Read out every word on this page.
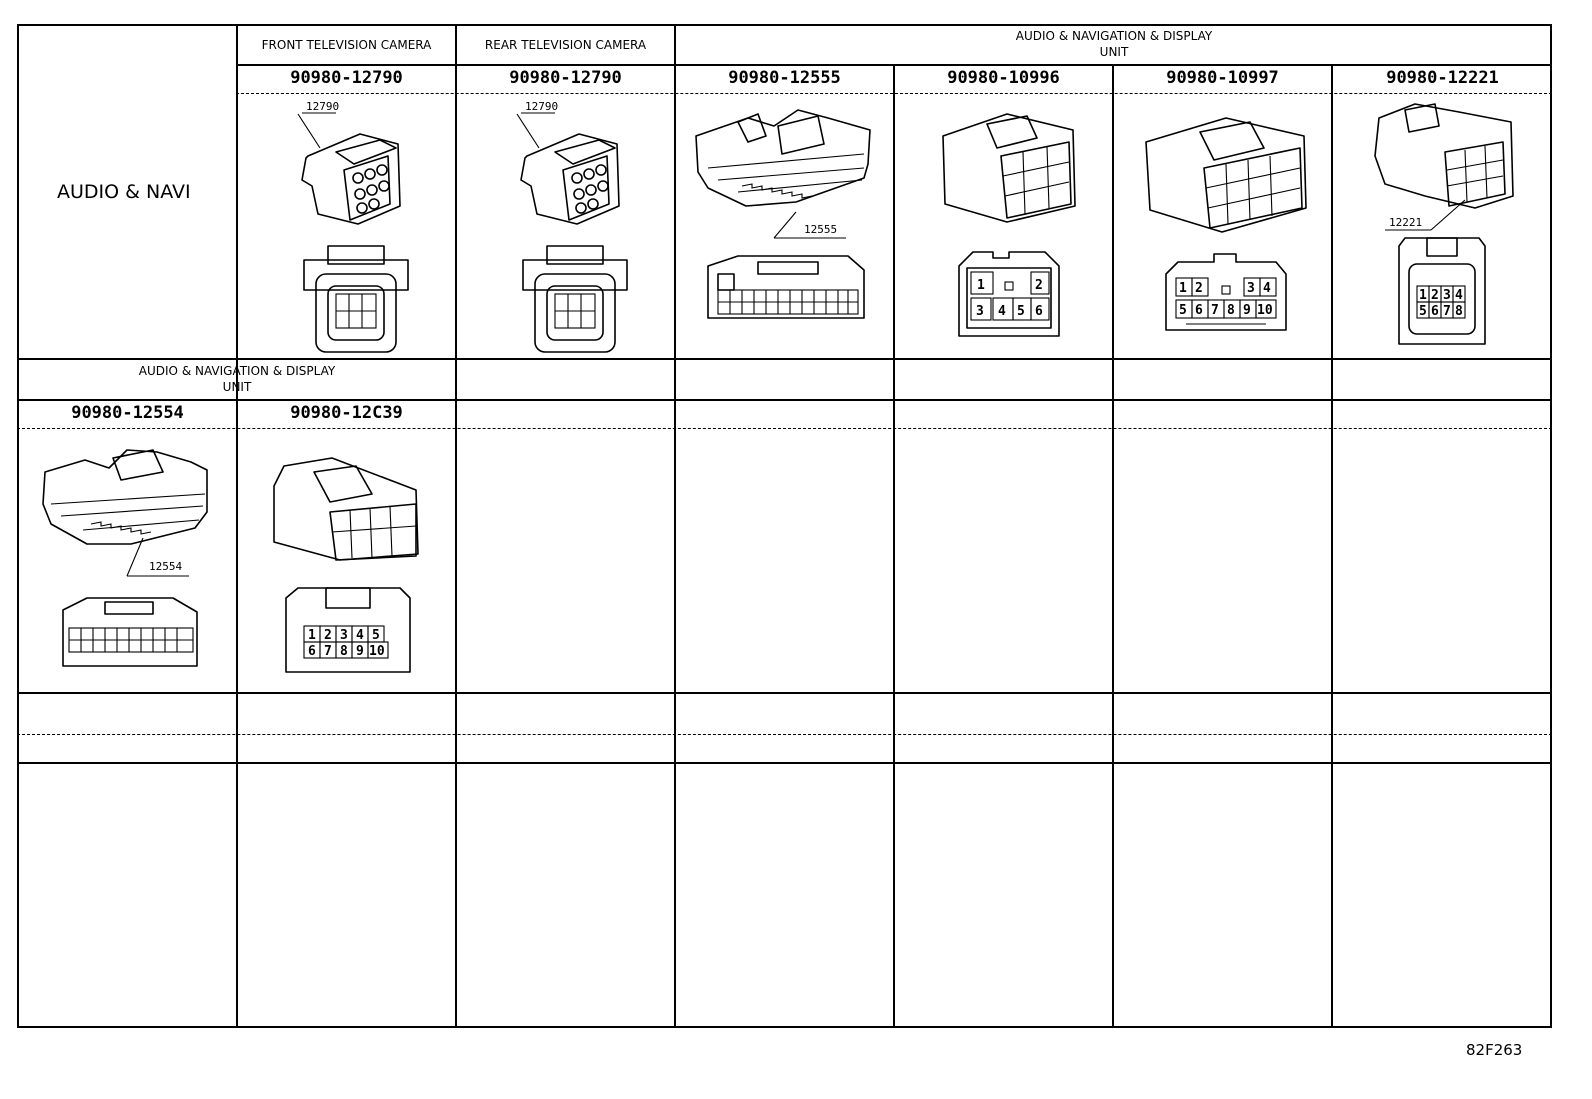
FRONT TELEVISION CAMERA	REAR TELEVISION CAMERA
AUDIO & NAVIGATION & DISPLAY
UNIT
90980-12790	90980-12790	90980-12555	90980-10996	90980-10997	90980-12221
AUDIO & NAVI
12790	12790
12555
1	2
3 4 5 6
1 2	3 4
5 6 7 8 9 10
12221
1 2 3 4
5 6 7 8
AUDIO & NAVIGATION & DISPLAY
UNIT
90980-12554	90980-12C39
12554
1 2 3 4 5
6 7 8 9 10
82F263
